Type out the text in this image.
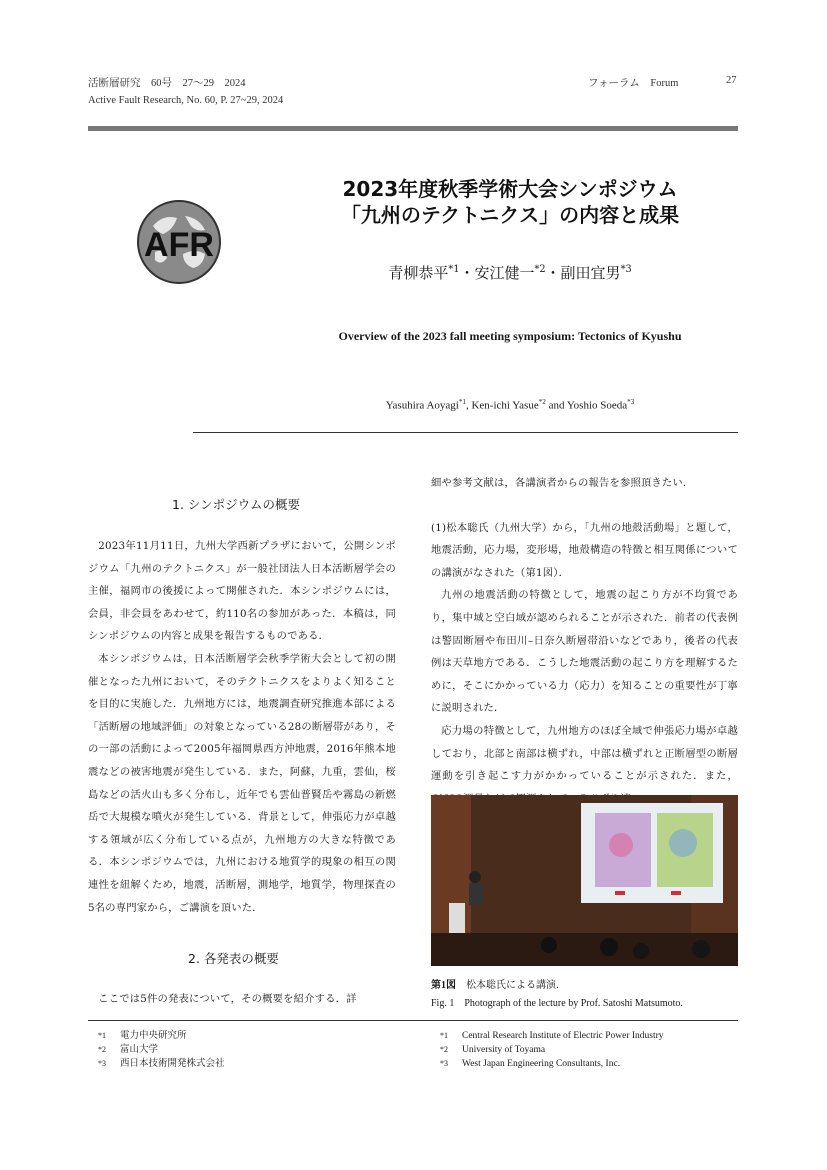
活断層研究　60号　27～29　2024
Active Fault Research, No. 60, P. 27~29, 2024
フォーラム　Forum	27
AFR
2023年度秋季学術大会シンポジウム
「九州のテクトニクス」の内容と成果
青柳恭平$^{*1}$・安江健一$^{*2}$・副田宜男$^{*3}$
Overview of the 2023 fall meeting symposium: Tectonics of Kyushu
Yasuhira Aoyagi$^{*1}$, Ken-ichi Yasue$^{*2}$ and Yoshio Soeda$^{*3}$
1. シンポジウムの概要

2023年11月11日，九州大学西新プラザにおいて，公開シンポジウム「九州のテクトニクス」が一般社団法人日本活断層学会の主催，福岡市の後援によって開催された．本シンポジウムには，会員，非会員をあわせて，約110名の参加があった．本稿は，同シンポジウムの内容と成果を報告するものである．

本シンポジウムは，日本活断層学会秋季学術大会として初の開催となった九州において，そのテクトニクスをよりよく知ることを目的に実施した．九州地方には，地震調査研究推進本部による「活断層の地域評価」の対象となっている28の断層帯があり，その一部の活動によって2005年福岡県西方沖地震，2016年熊本地震などの被害地震が発生している．また，阿蘇，九重，雲仙，桜島などの活火山も多く分布し，近年でも雲仙普賢岳や霧島の新燃岳で大規模な噴火が発生している．背景として，伸張応力が卓越する領域が広く分布している点が，九州地方の大きな特徴である．本シンポジウムでは，九州における地質学的現象の相互の関連性を紐解くため，地震，活断層，測地学，地質学，物理探査の5名の専門家から，ご講演を頂いた．

2. 各発表の概要

ここでは5件の発表について，その概要を紹介する．詳

細や参考文献は，各講演者からの報告を参照頂きたい．

(1)松本聡氏（九州大学）から，「九州の地殻活動場」と題して，地震活動，応力場，変形場，地殻構造の特徴と相互関係についての講演がなされた（第1図）．

九州の地震活動の特徴として，地震の起こり方が不均質であり，集中域と空白域が認められることが示された．前者の代表例は警固断層や布田川–日奈久断層帯沿いなどであり，後者の代表例は天草地方である．こうした地震活動の起こり方を理解するために，そこにかかっている力（応力）を知ることの重要性が丁寧に説明された．

応力場の特徴として，九州地方のほぼ全域で伸張応力場が卓越しており，北部と南部は横ずれ，中部は横ずれと正断層型の断層運動を引き起こす力がかかっていることが示された．また，

第1図　 松本聡氏による講演．
Fig. 1　 Photograph of the lecture by Prof. Satoshi Matsumoto.
*1 電力中央研究所
*2 富山大学
*3 西日本技術開発株式会社
*1 Central Research Institute of Electric Power Industry
*2 University of Toyama
*3 West Japan Engineering Consultants, Inc.
